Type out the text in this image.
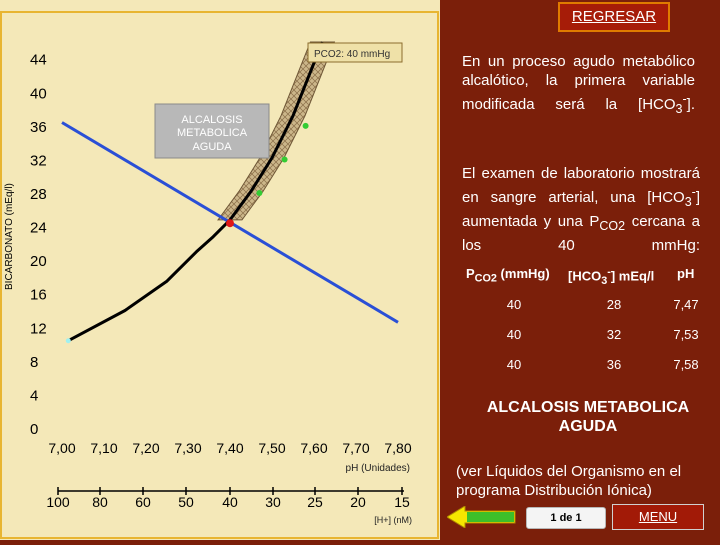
0
4
8
12
16
20
24
28
32
36
40
44
7,00 7,10 7,20 7,30 7,40 7,50 7,60 7,70 7,80
100 80 60 50 40 30 25 20 15
PCO2: 40 mmHg
ALCALOSIS
METABOLICA
AGUDA
BICARBONATO (mEq/l)
pH (Unidades)
[H+] (nM)
REGRESAR
En un proceso agudo metabólico alcalótico, la primera variable modificada será la $[HCO_3^-]$.
El examen de laboratorio mostrará en sangre arterial, una $[HCO_3^-]$ aumentada y una $P_{CO2}$ cercana a los 40 mmHg:
$P_{CO2}$ (mmHg) $[HCO_3^-]$ mEq/l pH
40	28	7,47
40	32	7,53
40	36	7,58
ALCALOSIS METABOLICA AGUDA
(ver Líquidos del Organismo en el programa Distribución Iónica)
1 de 1	MENU
